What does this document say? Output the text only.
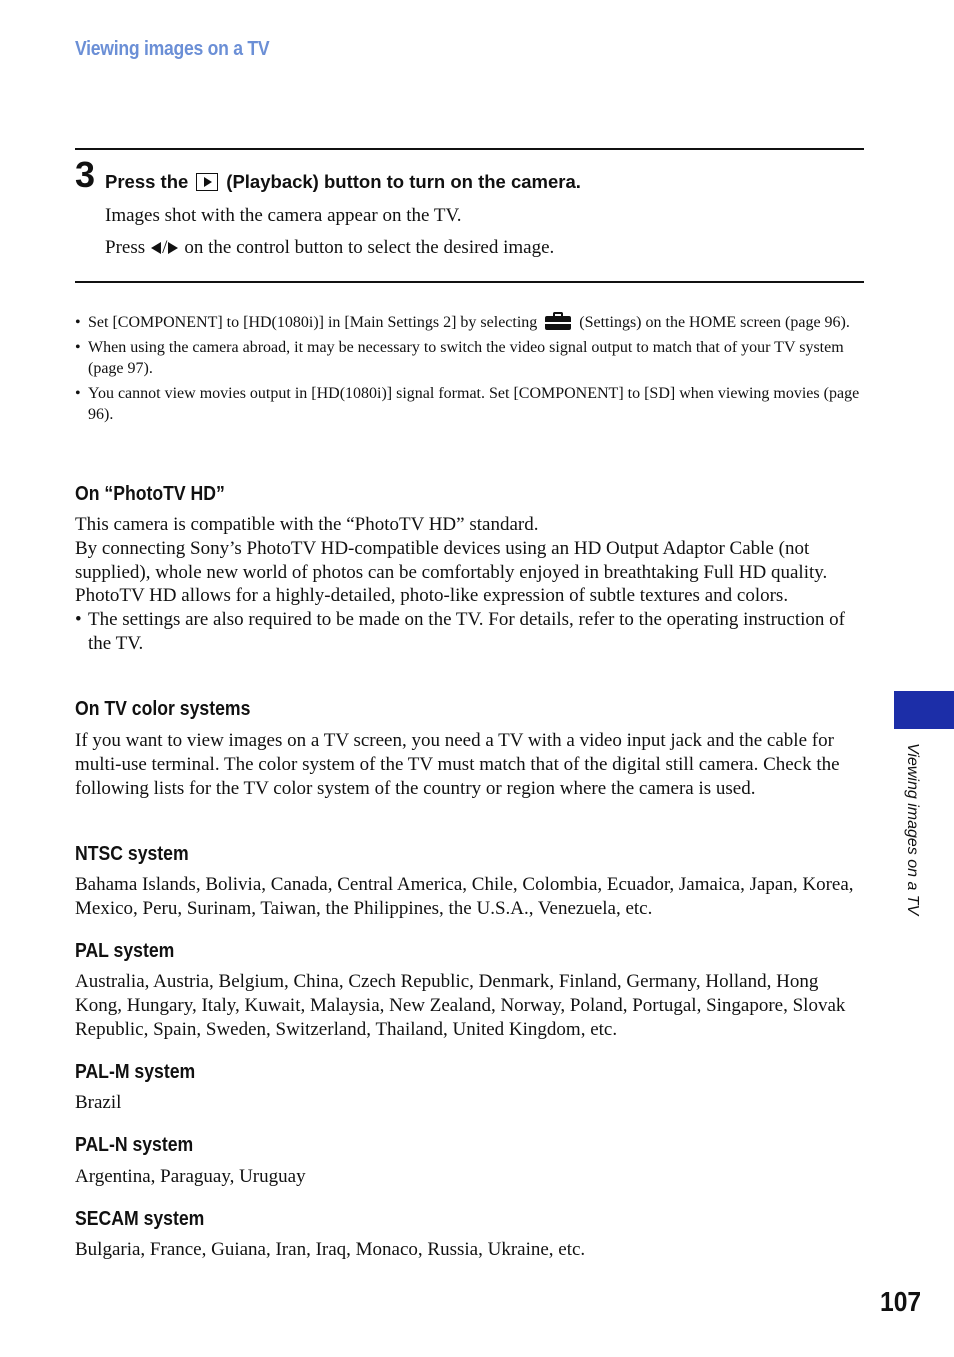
Viewing images on a TV
3 Press the (Playback) button to turn on the camera.
Images shot with the camera appear on the TV.
Press / on the control button to select the desired image.
• Set [COMPONENT] to [HD(1080i)] in [Main Settings 2] by selecting	(Settings) on the HOME screen (page 96).
• When using the camera abroad, it may be necessary to switch the video signal output to match that of your TV system (page 97).
• You cannot view movies output in [HD(1080i)] signal format. Set [COMPONENT] to [SD] when viewing movies (page 96).
On “PhotoTV HD”

This camera is compatible with the “PhotoTV HD” standard.

By connecting Sony’s PhotoTV HD-compatible devices using an HD Output Adaptor Cable (not supplied), whole new world of photos can be comfortably enjoyed in breathtaking Full HD quality.

PhotoTV HD allows for a highly-detailed, photo-like expression of subtle textures and colors.

• The settings are also required to be made on the TV. For details, refer to the operating instruction of the TV.
On TV color systems
If you want to view images on a TV screen, you need a TV with a video input jack and the cable for multi-use terminal. The color system of the TV must match that of the digital still camera. Check the following lists for the TV color system of the country or region where the camera is used.
NTSC system
Bahama Islands, Bolivia, Canada, Central America, Chile, Colombia, Ecuador, Jamaica, Japan, Korea, Mexico, Peru, Surinam, Taiwan, the Philippines, the U.S.A., Venezuela, etc.
PAL system
Australia, Austria, Belgium, China, Czech Republic, Denmark, Finland, Germany, Holland, Hong Kong, Hungary, Italy, Kuwait, Malaysia, New Zealand, Norway, Poland, Portugal, Singapore, Slovak Republic, Spain, Sweden, Switzerland, Thailand, United Kingdom, etc.
PAL-M system
Brazil
PAL-N system
Argentina, Paraguay, Uruguay
SECAM system
Bulgaria, France, Guiana, Iran, Iraq, Monaco, Russia, Ukraine, etc.
Viewing images on a TV
107
